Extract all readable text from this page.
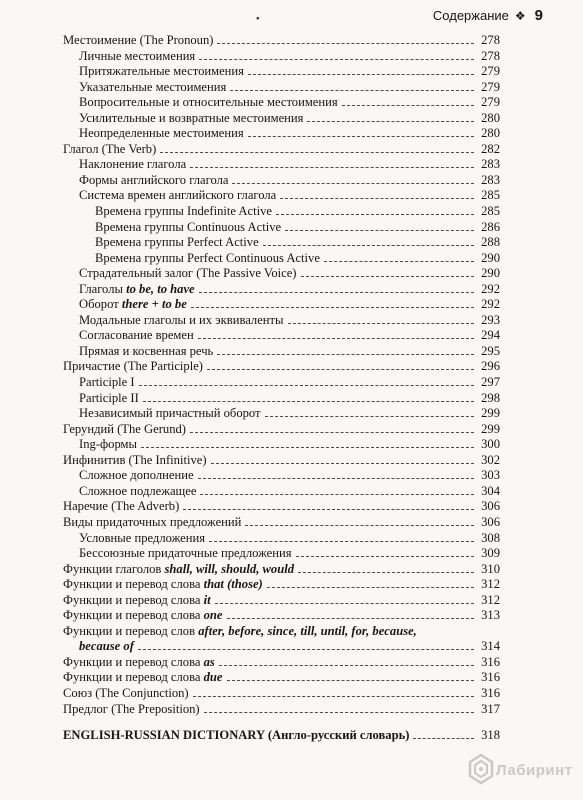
Содержание ❖ 9
•
Местоимение (The Pronoun)	278
Личные местоимения	278
Притяжательные местоимения	279
Указательные местоимения	279
Вопросительные и относительные местоимения	279
Усилительные и возвратные местоимения	280
Неопределенные местоимения	280
Глагол (The Verb)	282
Наклонение глагола	283
Формы английского глагола	283
Система времен английского глагола	285
Времена группы Indefinite Active	285
Времена группы Continuous Active	286
Времена группы Perfect Active	288
Времена группы Perfect Continuous Active	290
Страдательный залог (The Passive Voice)	290
Глаголы to be, to have	292
Оборот there + to be	292
Модальные глаголы и их эквиваленты	293
Согласование времен	294
Прямая и косвенная речь	295
Причастие (The Participle)	296
Participle I	297
Participle II	298
Независимый причастный оборот	299
Герундий (The Gerund)	299
Ing-формы	300
Инфинитив (The Infinitive)	302
Сложное дополнение	303
Сложное подлежащее	304
Наречие (The Adverb)	306
Виды придаточных предложений	306
Условные предложения	308
Бессоюзные придаточные предложения	309
Функции глаголов shall, will, should, would	310
Функции и перевод слова that (those)	312
Функции и перевод слова it	312
Функции и перевод слова one	313
Функции и перевод слов after, before, since, till, until, for, because,
because of	314
Функции и перевод слова as	316
Функции и перевод слова due	316
Союз (The Conjunction)	316
Предлог (The Preposition)	317
ENGLISH-RUSSIAN DICTIONARY (Англо-русский словарь)	318
Лабиринт
